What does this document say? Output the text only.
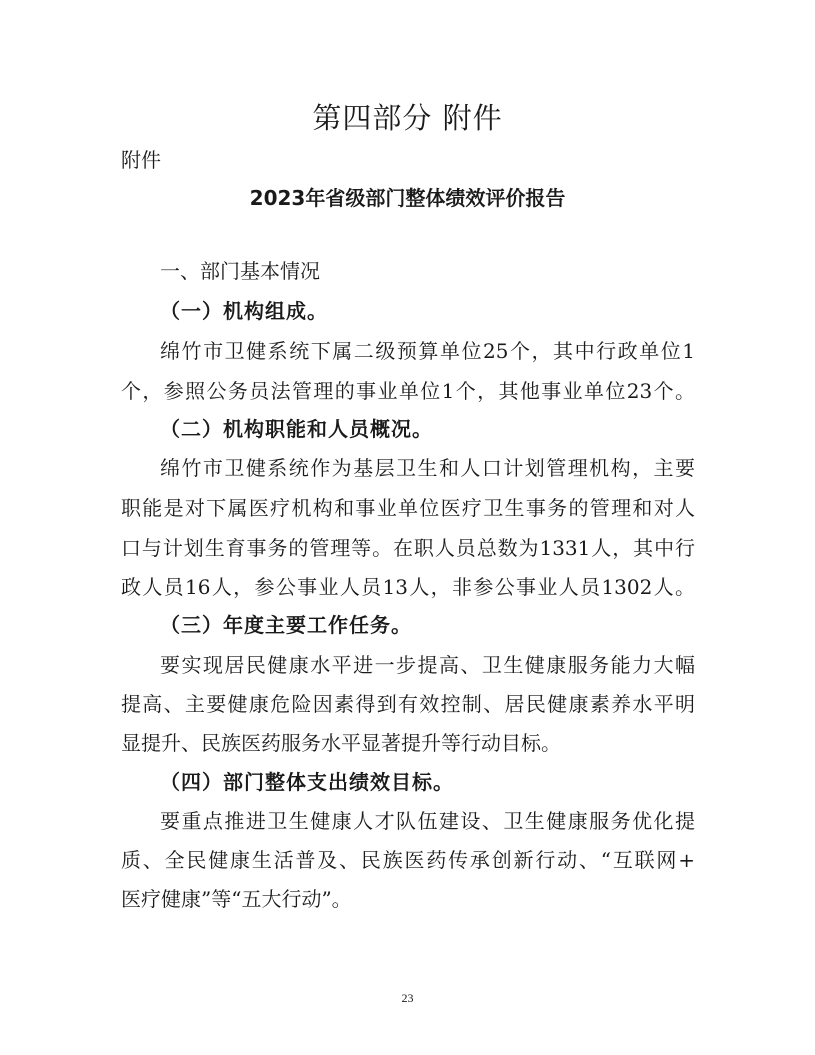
第四部分 附件
附件
2023年省级部门整体绩效评价报告
一、部门基本情况
（一）机构组成。
绵竹市卫健系统下属二级预算单位25个，其中行政单位1
个，参照公务员法管理的事业单位1个，其他事业单位23个。
（二）机构职能和人员概况。
绵竹市卫健系统作为基层卫生和人口计划管理机构，主要
职能是对下属医疗机构和事业单位医疗卫生事务的管理和对人
口与计划生育事务的管理等。在职人员总数为1331人，其中行
政人员16人，参公事业人员13人，非参公事业人员1302人。
（三）年度主要工作任务。
要实现居民健康水平进一步提高、卫生健康服务能力大幅
提高、主要健康危险因素得到有效控制、居民健康素养水平明
显提升、民族医药服务水平显著提升等行动目标。
（四）部门整体支出绩效目标。
要重点推进卫生健康人才队伍建设、卫生健康服务优化提
质、全民健康生活普及、民族医药传承创新行动、“互联网+
医疗健康”等“五大行动”。
23
